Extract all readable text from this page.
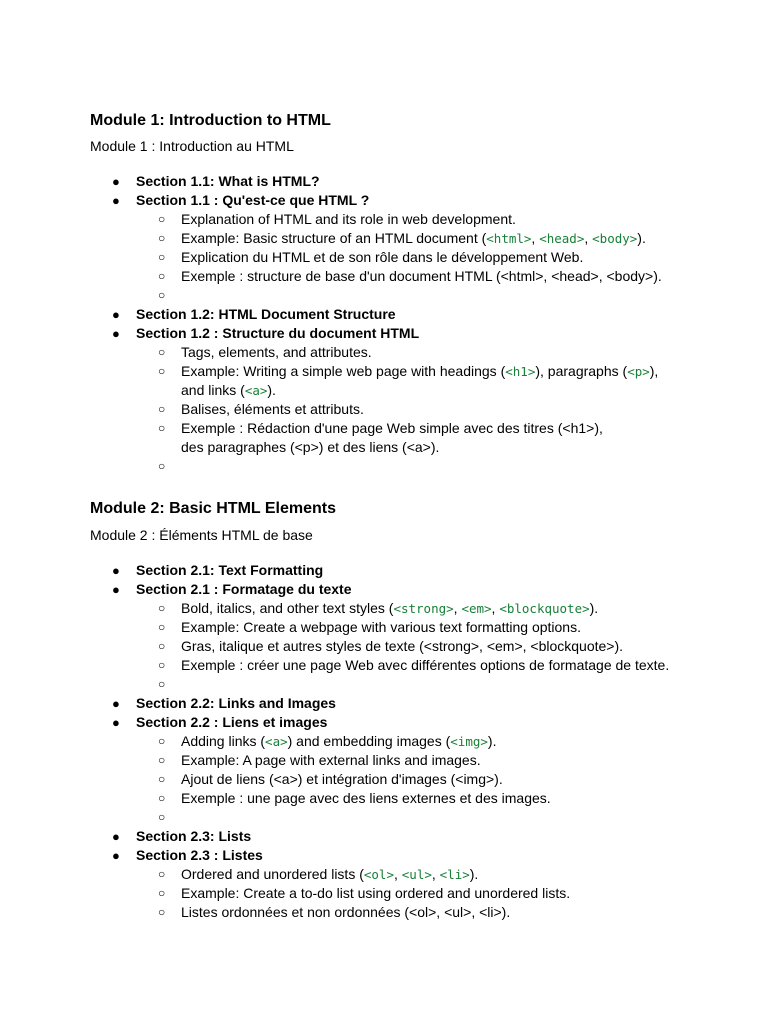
Module 1: Introduction to HTML

Module 1 : Introduction au HTML

● Section 1.1: What is HTML?
● Section 1.1 : Qu'est-ce que HTML ?
○ Explanation of HTML and its role in web development.
○ Example: Basic structure of an HTML document (<html>, <head>, <body>).
○ Explication du HTML et de son rôle dans le développement Web.
○ Exemple : structure de base d'un document HTML (<html>, <head>, <body>).
○
● Section 1.2: HTML Document Structure
● Section 1.2 : Structure du document HTML
○ Tags, elements, and attributes.
○ Example: Writing a simple web page with headings (<h1>), paragraphs (<p>),
and links (<a>).
○ Balises, éléments et attributs.
○ Exemple : Rédaction d'une page Web simple avec des titres (<h1>), des paragraphes (<p>) et des liens (<a>).
○
Module 2: Basic HTML Elements

Module 2 : Éléments HTML de base

● Section 2.1: Text Formatting
● Section 2.1 : Formatage du texte
○ Bold, italics, and other text styles (<strong>, <em>, <blockquote>).
○ Example: Create a webpage with various text formatting options.
○ Gras, italique et autres styles de texte (<strong>, <em>, <blockquote>).
○ Exemple : créer une page Web avec différentes options de formatage de texte.
○
● Section 2.2: Links and Images
● Section 2.2 : Liens et images
○ Adding links (<a>) and embedding images (<img>).
○ Example: A page with external links and images.
○ Ajout de liens (<a>) et intégration d'images (<img>).
○ Exemple : une page avec des liens externes et des images.
○
● Section 2.3: Lists
● Section 2.3 : Listes
○ Ordered and unordered lists (<ol>, <ul>, <li>).
○ Example: Create a to-do list using ordered and unordered lists.
○ Listes ordonnées et non ordonnées (<ol>, <ul>, <li>).
